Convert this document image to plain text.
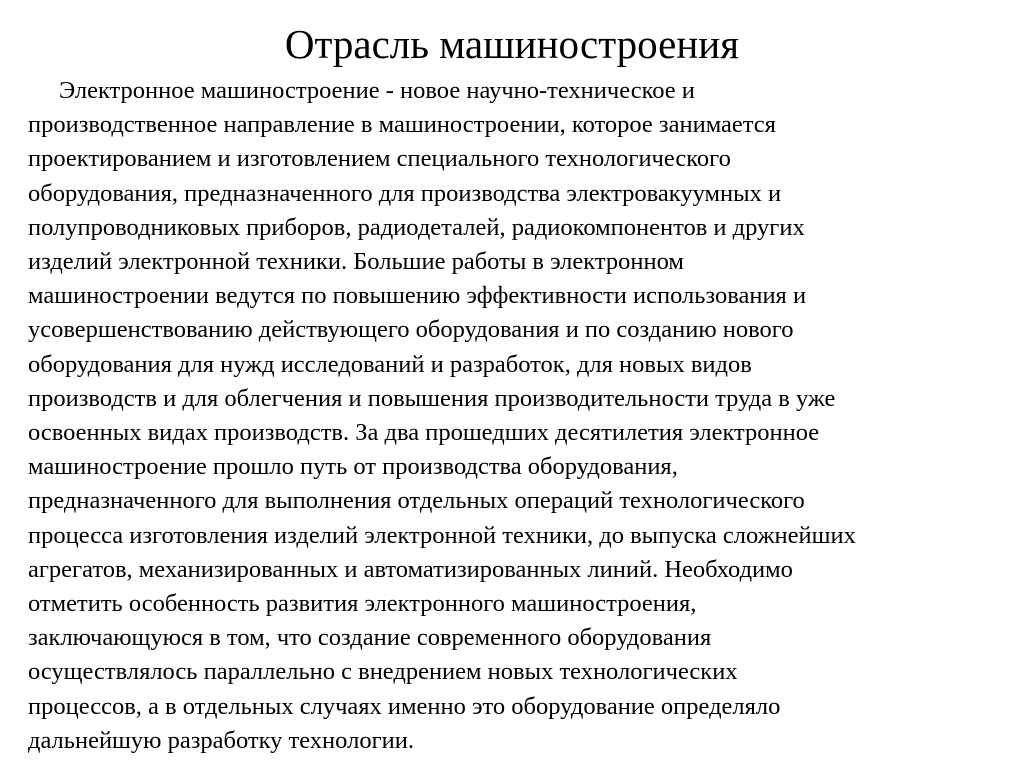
Отрасль машиностроения
Электронное машиностроение - новое научно-техническое и
производственное направление в машиностроении, которое занимается
проектированием и изготовлением специального технологического
оборудования, предназначенного для производства электровакуумных и
полупроводниковых приборов, радиодеталей, радиокомпонентов и других
изделий электронной техники. Большие работы в электронном
машиностроении ведутся по повышению эффективности использования и
усовершенствованию действующего оборудования и по созданию нового
оборудования для нужд исследований и разработок, для новых видов
производств и для облегчения и повышения производительности труда в уже
освоенных видах производств. За два прошедших десятилетия электронное
машиностроение прошло путь от производства оборудования,
предназначенного для выполнения отдельных операций технологического
процесса изготовления изделий электронной техники, до выпуска сложнейших
агрегатов, механизированных и автоматизированных линий. Необходимо
отметить особенность развития электронного машиностроения,
заключающуюся в том, что создание современного оборудования
осуществлялось параллельно с внедрением новых технологических
процессов, а в отдельных случаях именно это оборудование определяло
дальнейшую разработку технологии.
